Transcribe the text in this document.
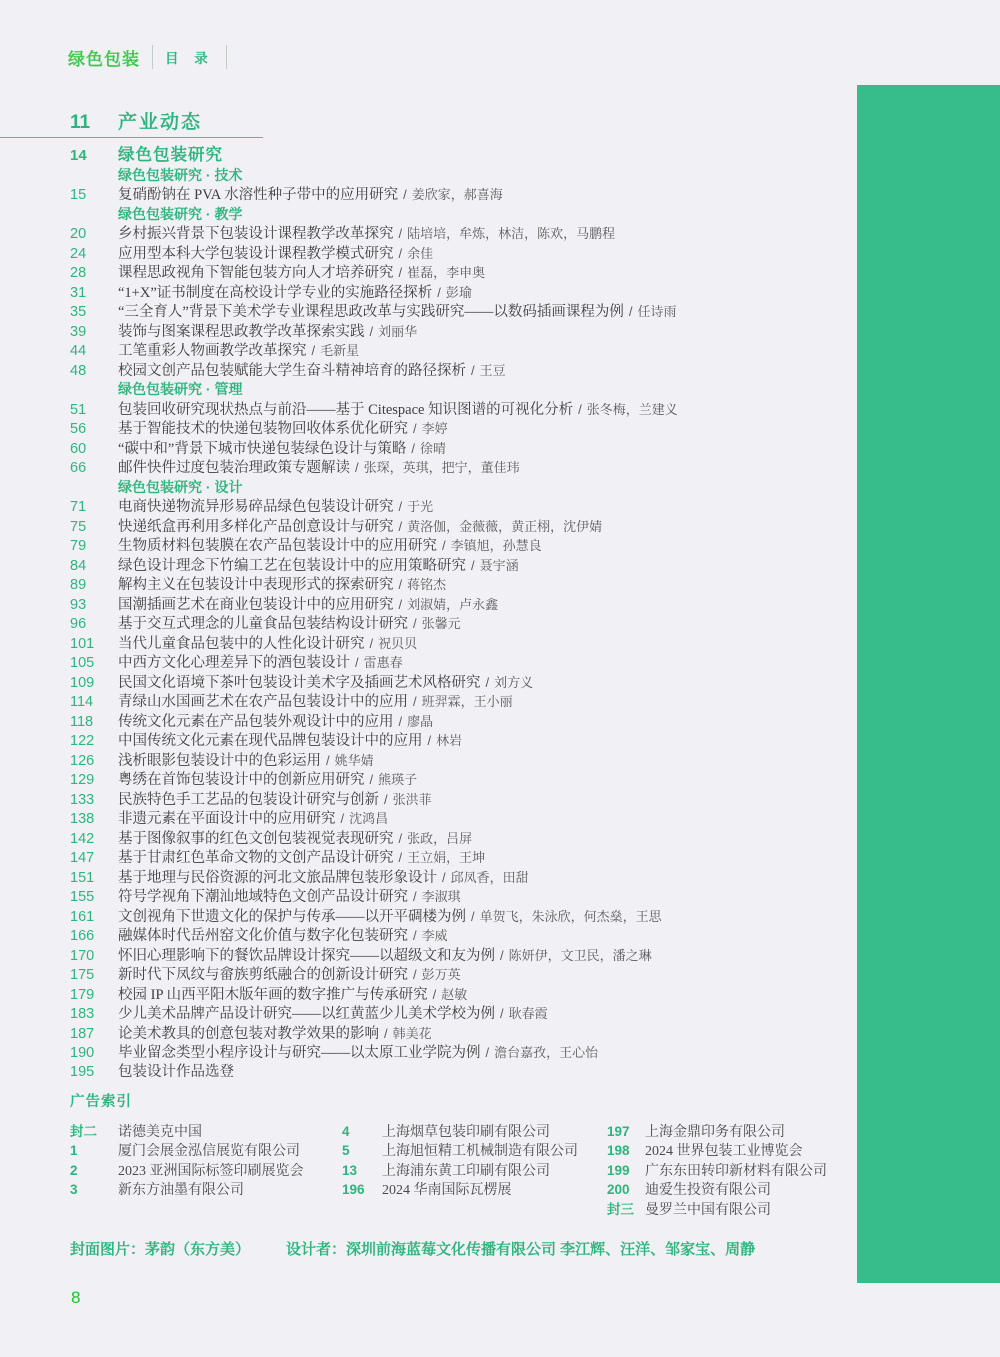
绿色包装 目 录
11	产业动态
14	绿色包装研究
绿色包装研究 · 技术
15	复硝酚钠在 PVA 水溶性种子带中的应用研究 / 姜欣家，郝喜海
绿色包装研究 · 教学
20	乡村振兴背景下包装设计课程教学改革探究 / 陆培培，牟炼，林洁，陈欢，马鹏程
24	应用型本科大学包装设计课程教学模式研究 / 余佳
28	课程思政视角下智能包装方向人才培养研究 / 崔磊，李申奥
31	“1+X”证书制度在高校设计学专业的实施路径探析 / 彭瑜
35	“三全育人”背景下美术学专业课程思政改革与实践研究——以数码插画课程为例 / 任诗雨
39	装饰与图案课程思政教学改革探索实践 / 刘丽华
44	工笔重彩人物画教学改革探究 / 毛新星
48	校园文创产品包装赋能大学生奋斗精神培育的路径探析 / 王豆
绿色包装研究 · 管理
51	包装回收研究现状热点与前沿——基于 Citespace 知识图谱的可视化分析 / 张冬梅，兰建义
56	基于智能技术的快递包装物回收体系优化研究 / 李婷
60	“碳中和”背景下城市快递包装绿色设计与策略 / 徐晴
66	邮件快件过度包装治理政策专题解读 / 张琛，英琪，把宁，董佳玮
绿色包装研究 · 设计
71	电商快递物流异形易碎品绿色包装设计研究 / 于光
75	快递纸盒再利用多样化产品创意设计与研究 / 黄洛伽，金薇薇，黄正栩，沈伊婧
79	生物质材料包装膜在农产品包装设计中的应用研究 / 李镇旭，孙慧良
84	绿色设计理念下竹编工艺在包装设计中的应用策略研究 / 聂宇涵
89	解构主义在包装设计中表现形式的探索研究 / 蒋铭杰
93	国潮插画艺术在商业包装设计中的应用研究 / 刘淑婧，卢永鑫
96	基于交互式理念的儿童食品包装结构设计研究 / 张馨元
101	当代儿童食品包装中的人性化设计研究 / 祝贝贝
105	中西方文化心理差异下的酒包装设计 / 雷惠春
109	民国文化语境下茶叶包装设计美术字及插画艺术风格研究 / 刘方义
114	青绿山水国画艺术在农产品包装设计中的应用 / 班羿霖，王小丽
118	传统文化元素在产品包装外观设计中的应用 / 廖晶
122	中国传统文化元素在现代品牌包装设计中的应用 / 林岩
126	浅析眼影包装设计中的色彩运用 / 姚华婧
129	粤绣在首饰包装设计中的创新应用研究 / 熊瑛子
133	民族特色手工艺品的包装设计研究与创新 / 张洪菲
138	非遗元素在平面设计中的应用研究 / 沈鸿昌
142	基于图像叙事的红色文创包装视觉表现研究 / 张政，吕屏
147	基于甘肃红色革命文物的文创产品设计研究 / 王立娟，王坤
151	基于地理与民俗资源的河北文旅品牌包装形象设计 / 邱凤香，田甜
155	符号学视角下潮汕地域特色文创产品设计研究 / 李淑琪
161	文创视角下世遗文化的保护与传承——以开平碉楼为例 / 单贺飞，朱泳欣，何杰燊，王思
166	融媒体时代岳州窑文化价值与数字化包装研究 / 李威
170	怀旧心理影响下的餐饮品牌设计探究——以超级文和友为例 / 陈妍伊，文卫民，潘之琳
175	新时代下凤纹与畲族剪纸融合的创新设计研究 / 彭万英
179	校园 IP 山西平阳木版年画的数字推广与传承研究 / 赵敏
183	少儿美术品牌产品设计研究——以红黄蓝少儿美术学校为例 / 耿春霞
187	论美术教具的创意包装对教学效果的影响 / 韩美花
190	毕业留念类型小程序设计与研究——以太原工业学院为例 / 澹台嘉孜，王心怡
195	包装设计作品选登
广告索引
封二	诺德美克中国
1	厦门会展金泓信展览有限公司
2	2023 亚洲国际标签印刷展览会
3	新东方油墨有限公司
4	上海烟草包装印刷有限公司
5	上海旭恒精工机械制造有限公司
13	上海浦东黄工印刷有限公司
196	2024 华南国际瓦楞展
197	上海金鼎印务有限公司
198	2024 世界包装工业博览会
199	广东东田转印新材料有限公司
200	迪爱生投资有限公司
封三 曼罗兰中国有限公司
封面图片：茅韵（东方美） 设计者：深圳前海蓝莓文化传播有限公司 李江辉、汪洋、邹家宝、周静
8
